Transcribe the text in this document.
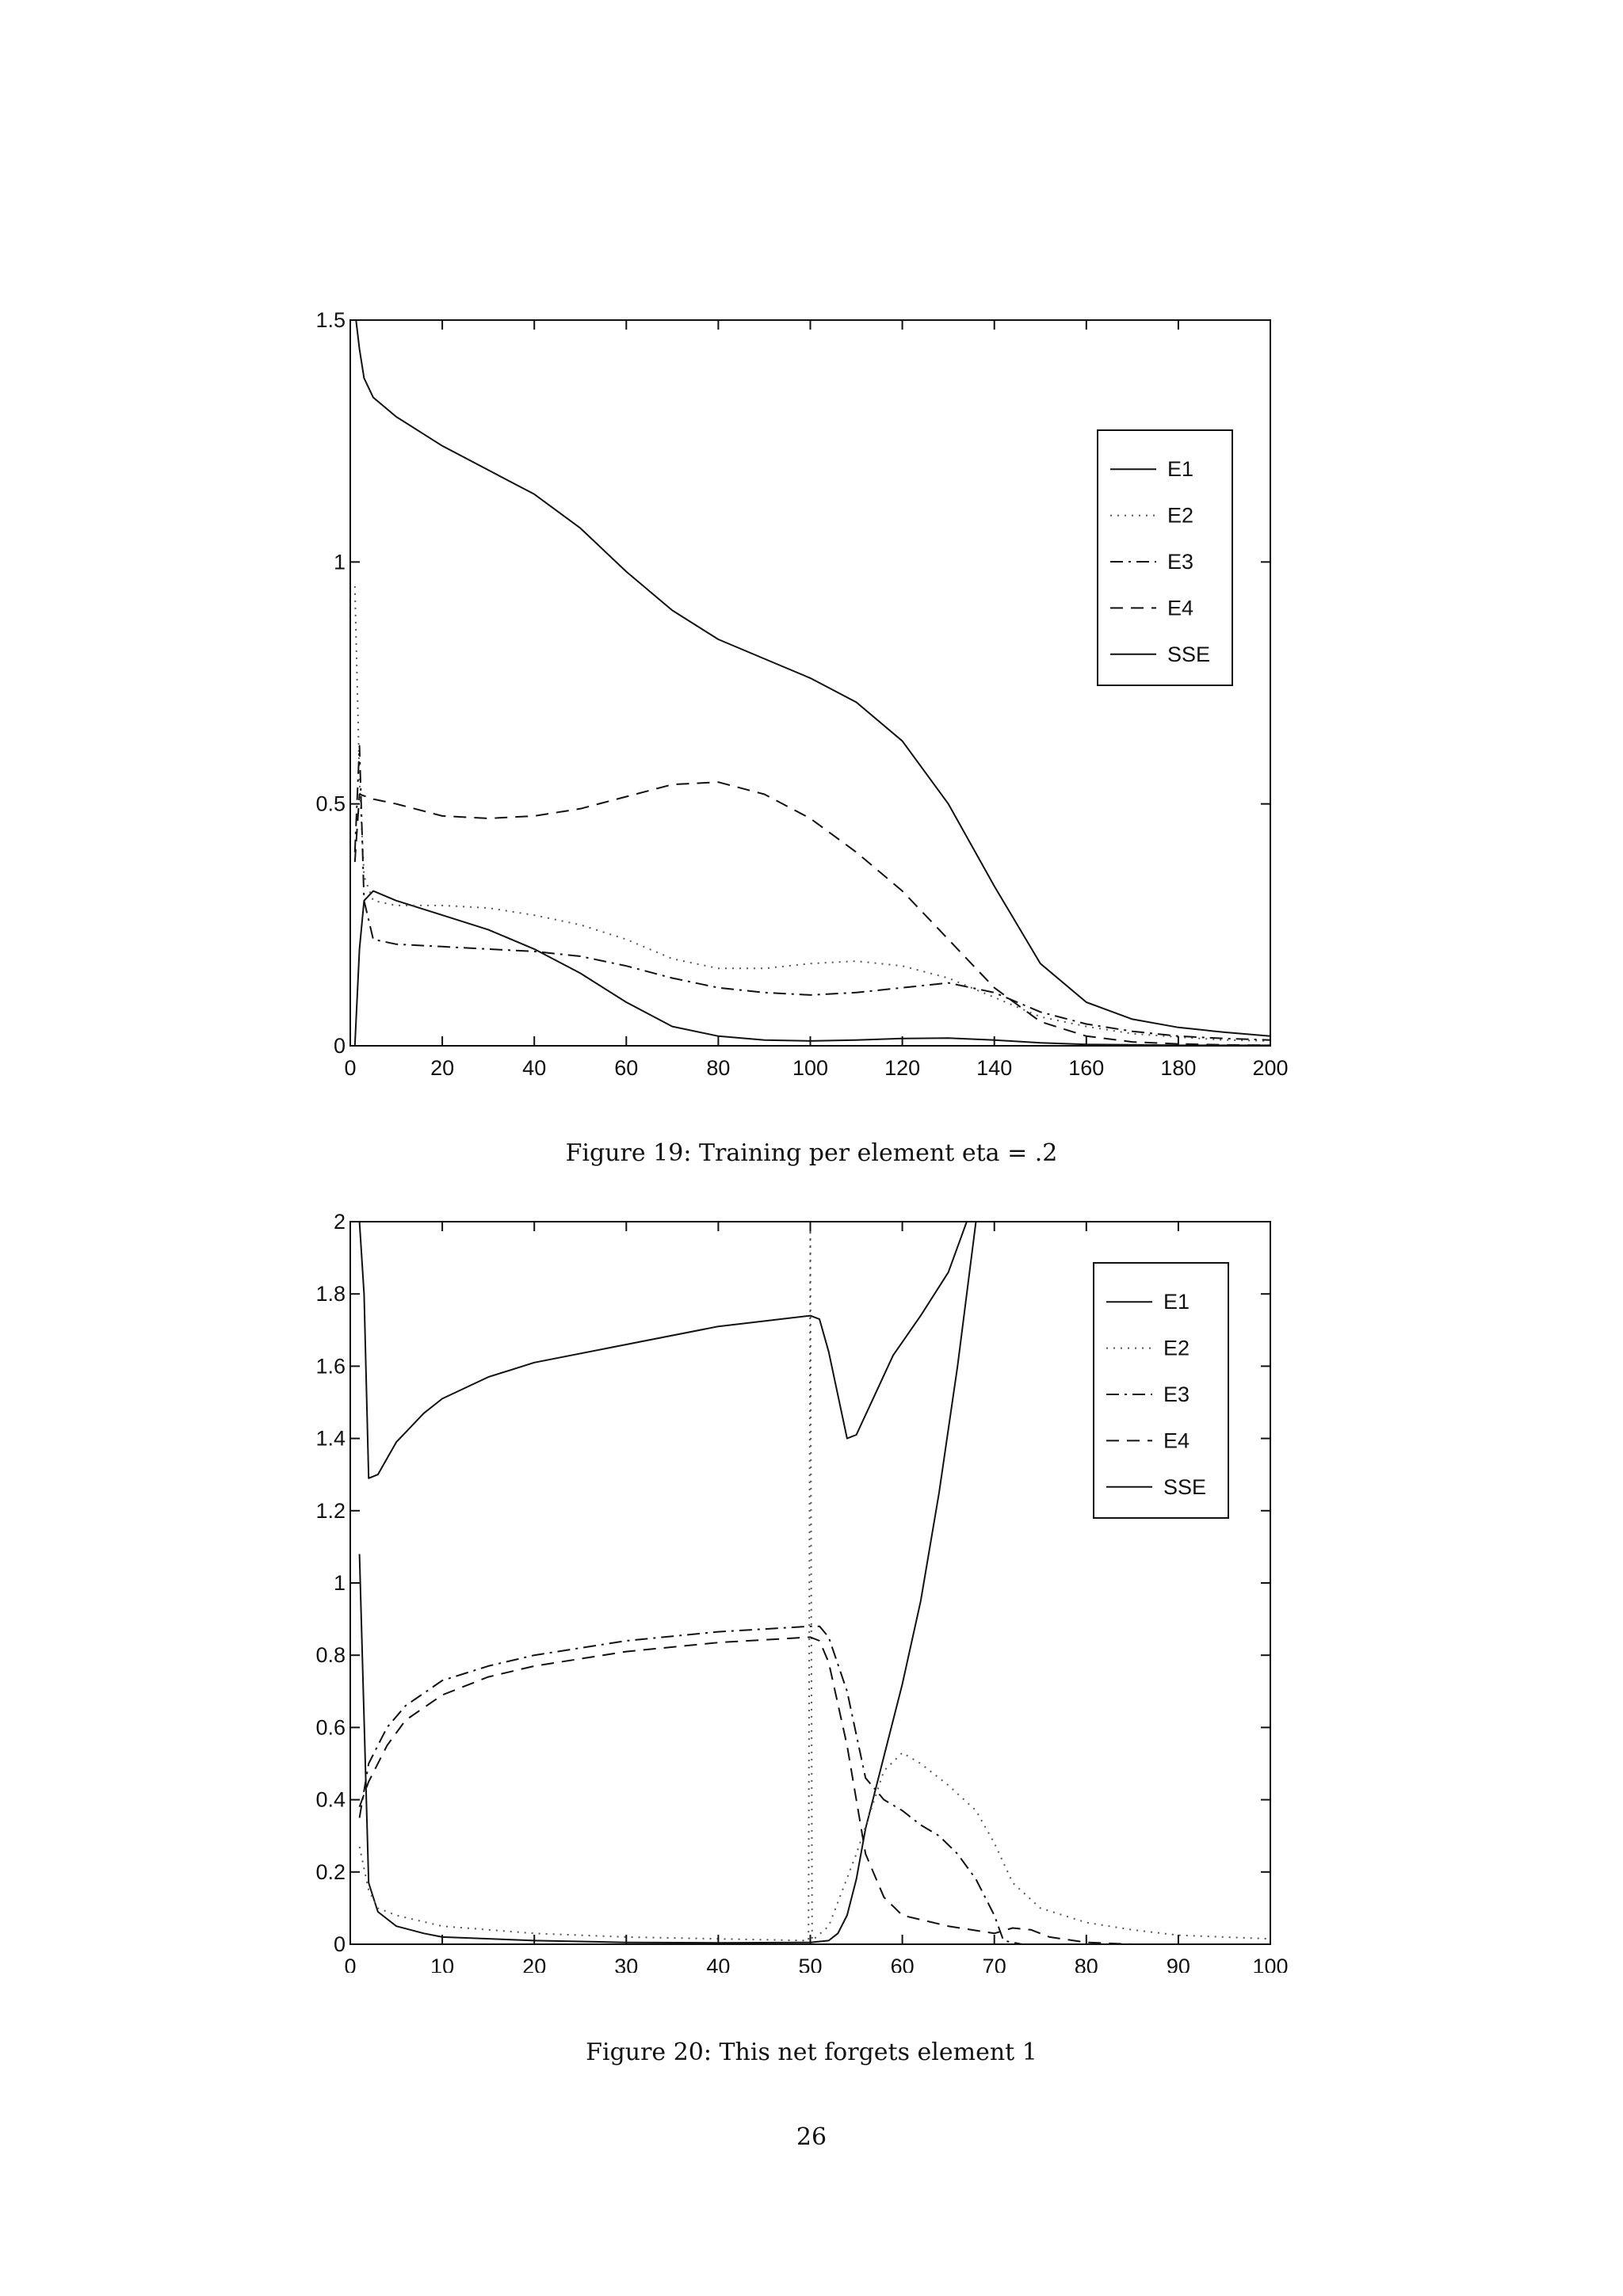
0	20	40	60	80	100	120	140	160	180	200
0
0.5
1
1.5
E1
E2
E3
E4
SSE
Figure 19: Training per element eta = .2
0	10	20	30	40	50	60	70	80	90	100
0
0.2
0.4
0.6
0.8
1
1.2
1.4
1.6
1.8
2
E1
E2
E3
E4
SSE
Figure 20: This net forgets element 1
26
